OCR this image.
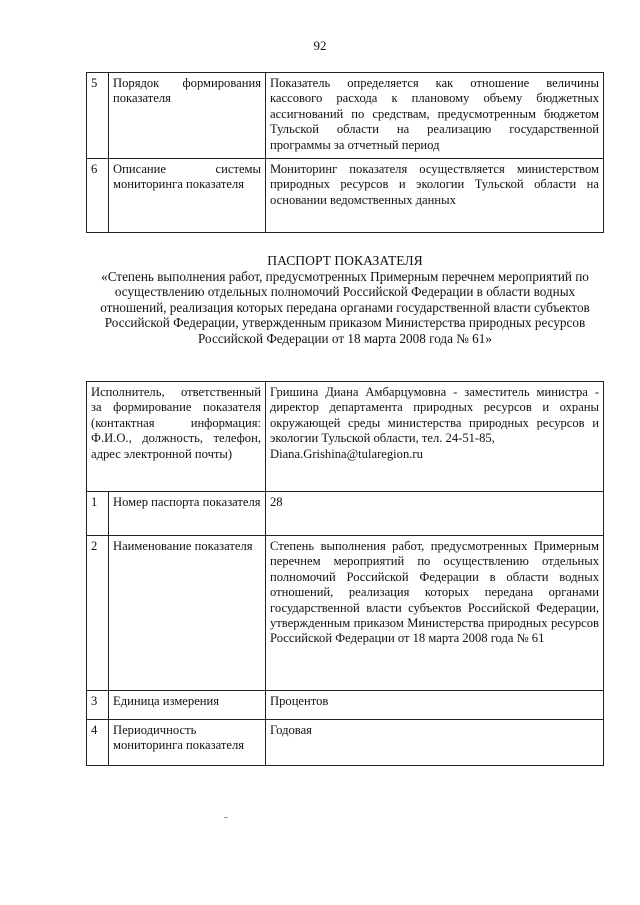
92
5	Порядок формирования показателя	Показатель определяется как отношение величины кассового расхода к плановому объему бюджетных ассигнований по средствам, предусмотренным бюджетом Тульской области на реализацию государственной программы за отчетный период
6	Описание системы мониторинга показателя	Мониторинг показателя осуществляется министерством природных ресурсов и экологии Тульской области на основании ведомственных данных
ПАСПОРТ ПОКАЗАТЕЛЯ
«Степень выполнения работ, предусмотренных Примерным перечнем мероприятий по осуществлению отдельных полномочий Российской Федерации в области водных отношений, реализация которых передана органами государственной власти субъектов Российской Федерации, утвержденным приказом Министерства природных ресурсов Российской Федерации от 18 марта 2008 года № 61»
Исполнитель, ответственный за формирование показателя (контактная информация: Ф.И.О., должность, телефон, адрес электронной почты)		Гришина Диана Амбарцумовна - заместитель министра - директор департамента природных ресурсов и охраны окружающей среды министерства природных ресурсов и экологии Тульской области, тел. 24-51-85,
Diana.Grishina@tularegion.ru
1	Номер паспорта показателя	28
2	Наименование показателя	Степень выполнения работ, предусмотренных Примерным перечнем мероприятий по осуществлению отдельных полномочий Российской Федерации в области водных отношений, реализация которых передана органами государственной власти субъектов Российской Федерации, утвержденным приказом Министерства природных ресурсов Российской Федерации от 18 марта 2008 года № 61
3	Единица измерения	Процентов
4	Периодичность мониторинга показателя	Годовая
